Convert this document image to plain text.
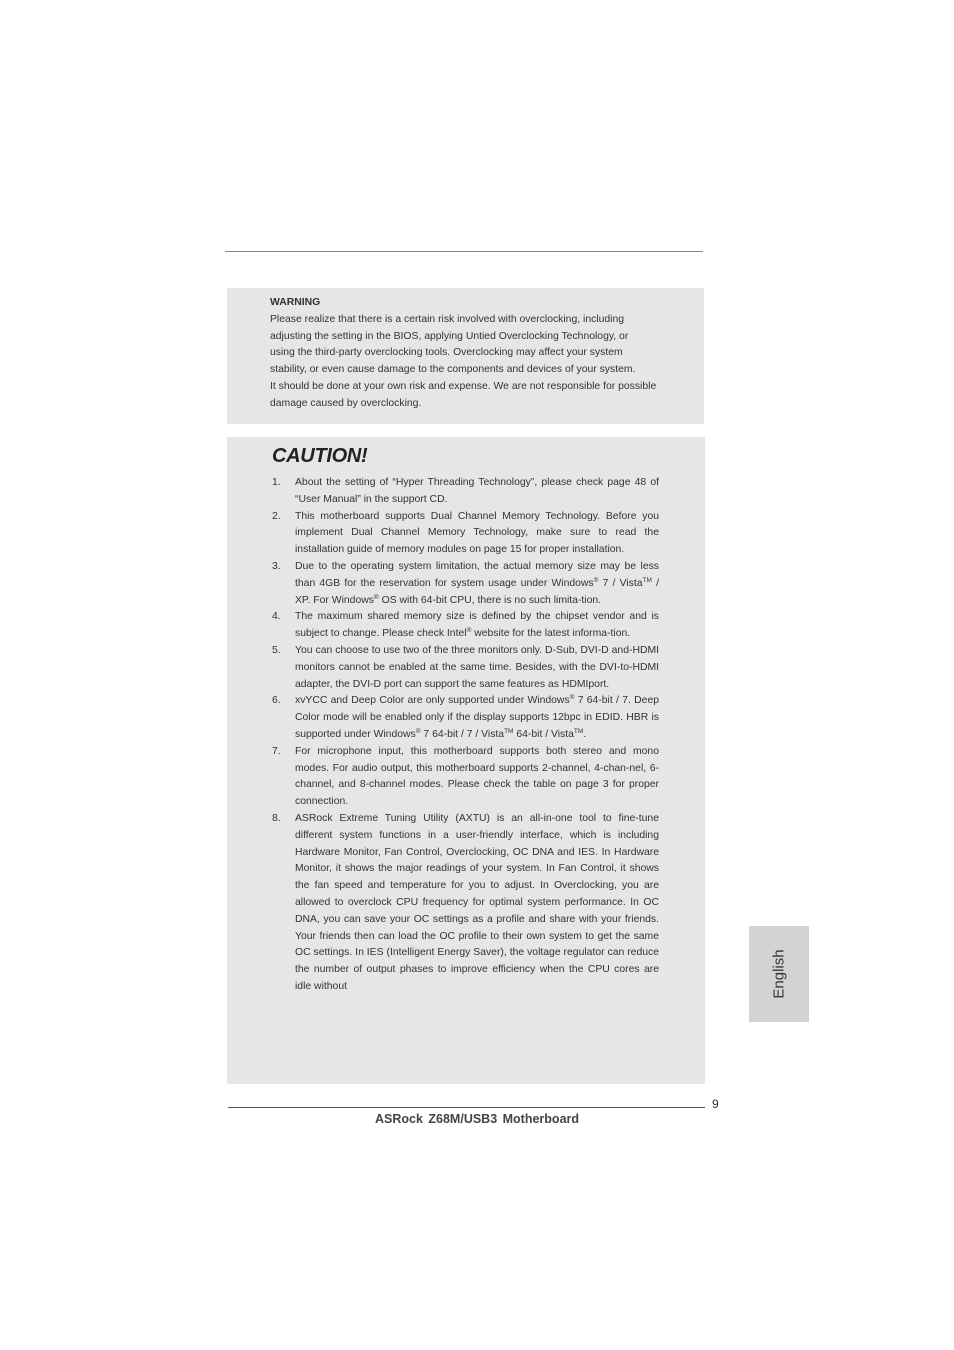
WARNING
Please realize that there is a certain risk involved with overclocking, including
adjusting the setting in the BIOS, applying Untied Overclocking Technology, or
using the third-party overclocking tools. Overclocking may affect your system
stability, or even cause damage to the components and devices of your system.
It should be done at your own risk and expense. We are not responsible for possible
damage caused by overclocking.
CAUTION!
1. About the setting of “Hyper Threading Technology”, please check page 48 of “User Manual” in the support CD.
2. This motherboard supports Dual Channel Memory Technology. Before you implement Dual Channel Memory Technology, make sure to read the installation guide of memory modules on page 15 for proper installation.
3. Due to the operating system limitation, the actual memory size may be less than 4GB for the reservation for system usage under Windows® 7 / Vista™ / XP. For Windows® OS with 64-bit CPU, there is no such limita-tion.
4. The maximum shared memory size is defined by the chipset vendor and is subject to change. Please check Intel® website for the latest informa-tion.
5. You can choose to use two of the three monitors only. D-Sub, DVI-D and-HDMI monitors cannot be enabled at the same time. Besides, with the DVI-to-HDMI adapter, the DVI-D port can support the same features as HDMIport.
6. xvYCC and Deep Color are only supported under Windows® 7 64-bit / 7. Deep Color mode will be enabled only if the display supports 12bpc in EDID. HBR is supported under Windows® 7 64-bit / 7 / Vista™ 64-bit / Vista™.
7. For microphone input, this motherboard supports both stereo and mono modes. For audio output, this motherboard supports 2-channel, 4-chan-nel, 6-channel, and 8-channel modes. Please check the table on page 3 for proper connection.
8. ASRock Extreme Tuning Utility (AXTU) is an all-in-one tool to fine-tune different system functions in a user-friendly interface, which is including Hardware Monitor, Fan Control, Overclocking, OC DNA and IES. In Hardware Monitor, it shows the major readings of your system. In Fan Control, it shows the fan speed and temperature for you to adjust. In Overclocking, you are allowed to overclock CPU frequency for optimal system performance. In OC DNA, you can save your OC settings as a profile and share with your friends. Your friends then can load the OC profile to their own system to get the same OC settings. In IES (Intelligent Energy Saver), the voltage regulator can reduce the number of output phases to improve efficiency when the CPU cores are idle without	English
9
ASRock Z68M/USB3 Motherboard
